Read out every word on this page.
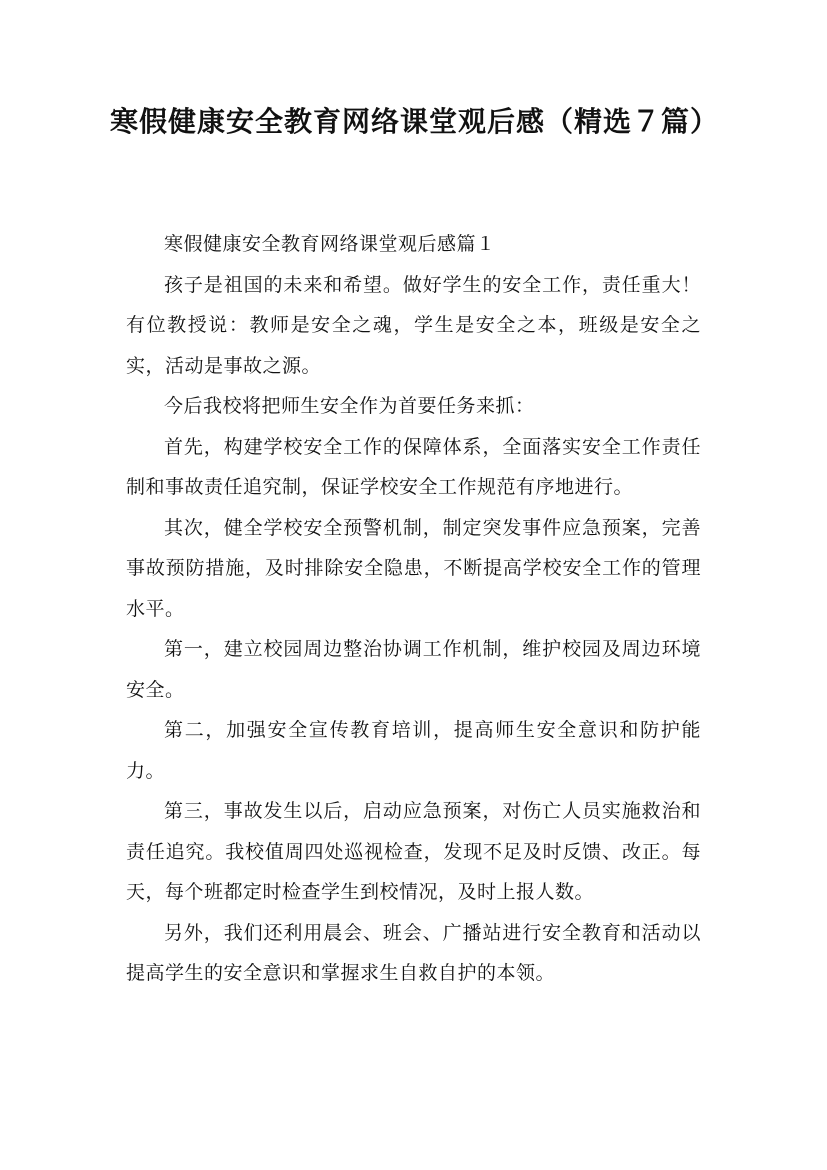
寒假健康安全教育网络课堂观后感（精选７篇）

寒假健康安全教育网络课堂观后感篇１

孩子是祖国的未来和希望。做好学生的安全工作，责任重大！有位教授说：教师是安全之魂，学生是安全之本，班级是安全之实，活动是事故之源。

今后我校将把师生安全作为首要任务来抓：

首先，构建学校安全工作的保障体系，全面落实安全工作责任制和事故责任追究制，保证学校安全工作规范有序地进行。

其次，健全学校安全预警机制，制定突发事件应急预案，完善事故预防措施，及时排除安全隐患，不断提高学校安全工作的管理水平。

第一，建立校园周边整治协调工作机制，维护校园及周边环境安全。

第二，加强安全宣传教育培训，提高师生安全意识和防护能力。

第三，事故发生以后，启动应急预案，对伤亡人员实施救治和责任追究。我校值周四处巡视检查，发现不足及时反馈、改正。每天，每个班都定时检查学生到校情况，及时上报人数。

另外，我们还利用晨会、班会、广播站进行安全教育和活动以提高学生的安全意识和掌握求生自救自护的本领。
